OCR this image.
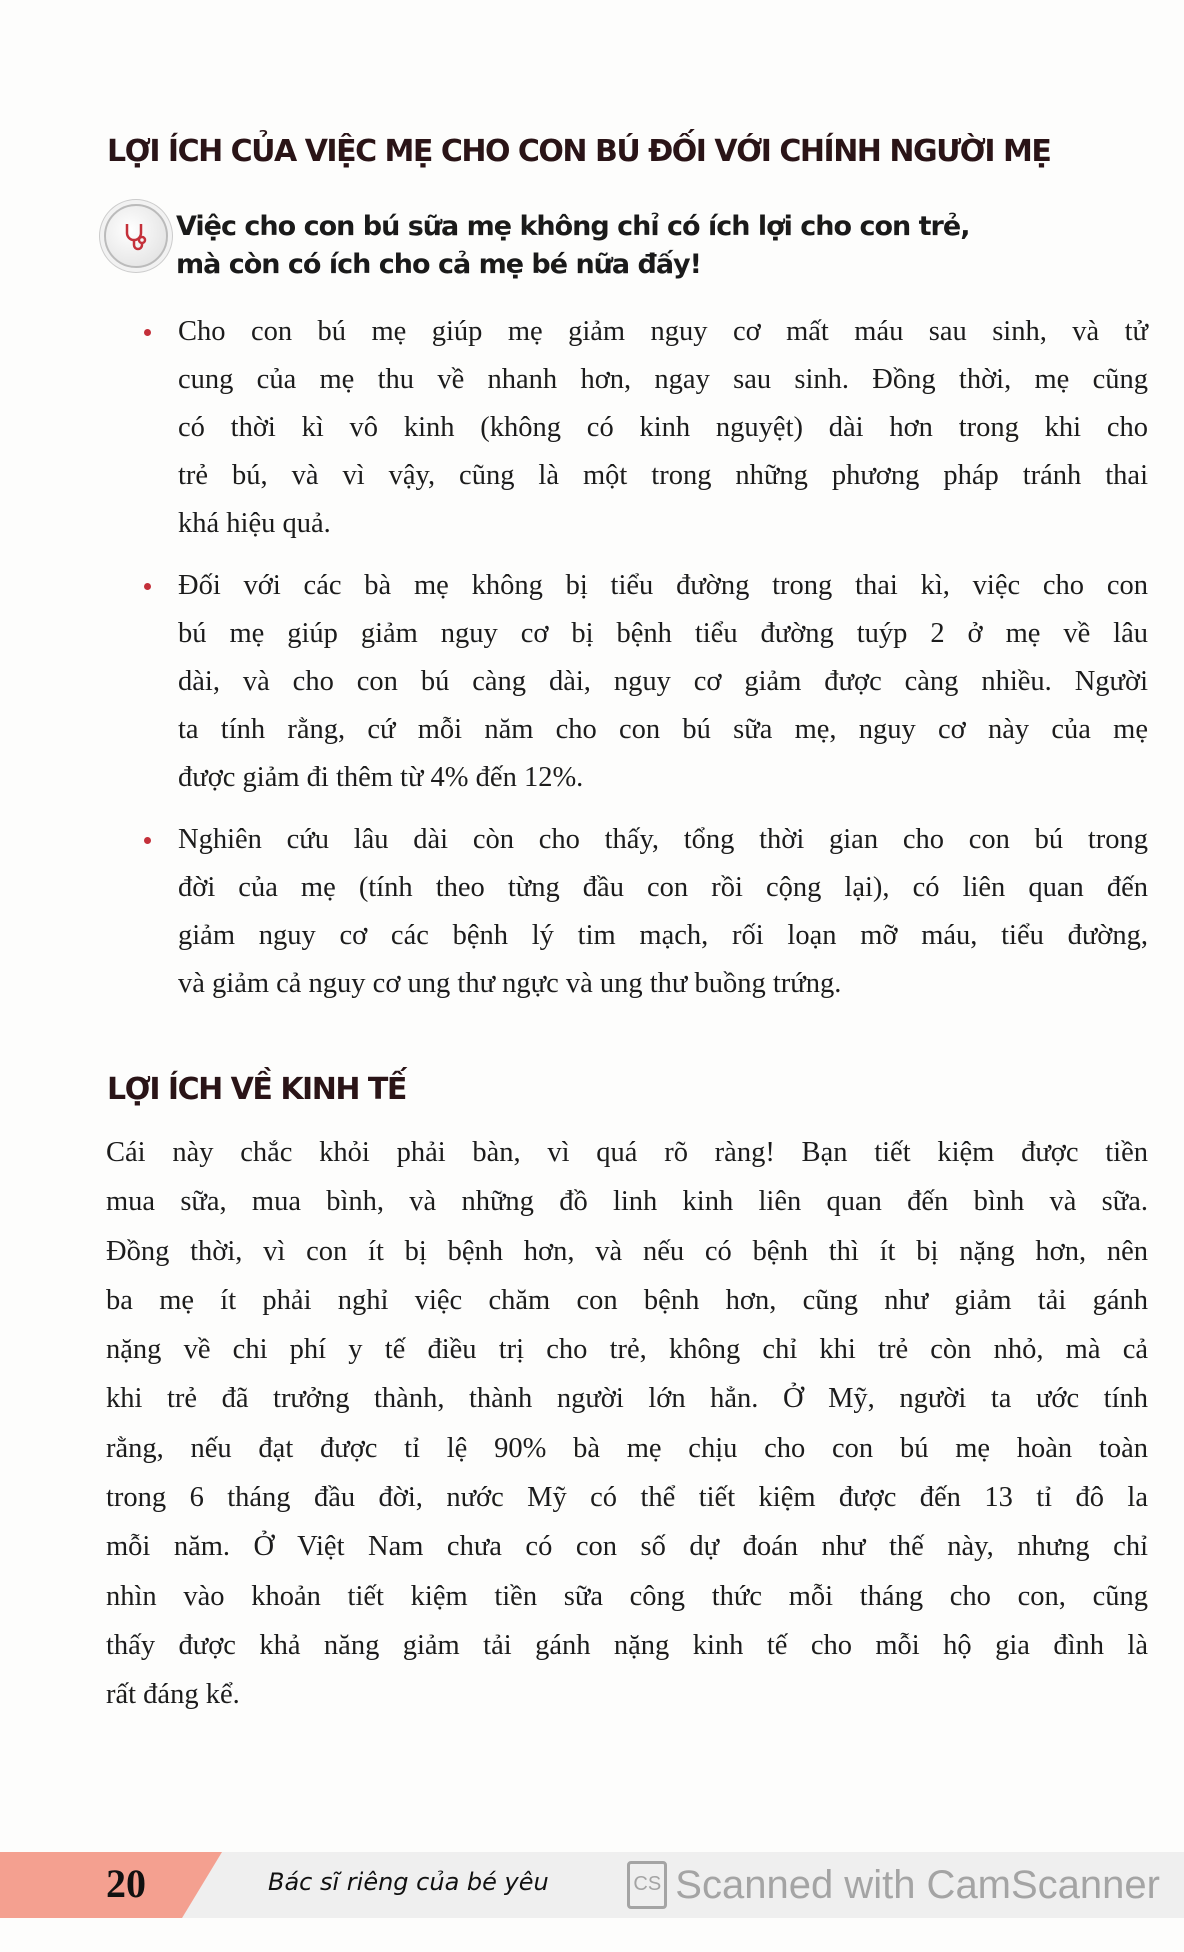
LỢI ÍCH CỦA VIỆC MẸ CHO CON BÚ ĐỐI VỚI CHÍNH NGƯỜI MẸ
Việc cho con bú sữa mẹ không chỉ có ích lợi cho con trẻ,
mà còn có ích cho cả mẹ bé nữa đấy!
Cho con bú mẹ giúp mẹ giảm nguy cơ mất máu sau sinh, và tử
cung của mẹ thu về nhanh hơn, ngay sau sinh. Đồng thời, mẹ cũng
có thời kì vô kinh (không có kinh nguyệt) dài hơn trong khi cho
trẻ bú, và vì vậy, cũng là một trong những phương pháp tránh thai
khá hiệu quả.
Đối với các bà mẹ không bị tiểu đường trong thai kì, việc cho con
bú mẹ giúp giảm nguy cơ bị bệnh tiểu đường tuýp 2 ở mẹ về lâu
dài, và cho con bú càng dài, nguy cơ giảm được càng nhiều. Người
ta tính rằng, cứ mỗi năm cho con bú sữa mẹ, nguy cơ này của mẹ
được giảm đi thêm từ 4% đến 12%.
Nghiên cứu lâu dài còn cho thấy, tổng thời gian cho con bú trong
đời của mẹ (tính theo từng đầu con rồi cộng lại), có liên quan đến
giảm nguy cơ các bệnh lý tim mạch, rối loạn mỡ máu, tiểu đường,
và giảm cả nguy cơ ung thư ngực và ung thư buồng trứng.
LỢI ÍCH VỀ KINH TẾ
Cái này chắc khỏi phải bàn, vì quá rõ ràng! Bạn tiết kiệm được tiền
mua sữa, mua bình, và những đồ linh kinh liên quan đến bình và sữa.
Đồng thời, vì con ít bị bệnh hơn, và nếu có bệnh thì ít bị nặng hơn, nên
ba mẹ ít phải nghỉ việc chăm con bệnh hơn, cũng như giảm tải gánh
nặng về chi phí y tế điều trị cho trẻ, không chỉ khi trẻ còn nhỏ, mà cả
khi trẻ đã trưởng thành, thành người lớn hẳn. Ở Mỹ, người ta ước tính
rằng, nếu đạt được tỉ lệ 90% bà mẹ chịu cho con bú mẹ hoàn toàn
trong 6 tháng đầu đời, nước Mỹ có thể tiết kiệm được đến 13 tỉ đô la
mỗi năm. Ở Việt Nam chưa có con số dự đoán như thế này, nhưng chỉ
nhìn vào khoản tiết kiệm tiền sữa công thức mỗi tháng cho con, cũng
thấy được khả năng giảm tải gánh nặng kinh tế cho mỗi hộ gia đình là
rất đáng kể.
20	Bác sĩ riêng của bé yêu	CS Scanned with CamScanner
